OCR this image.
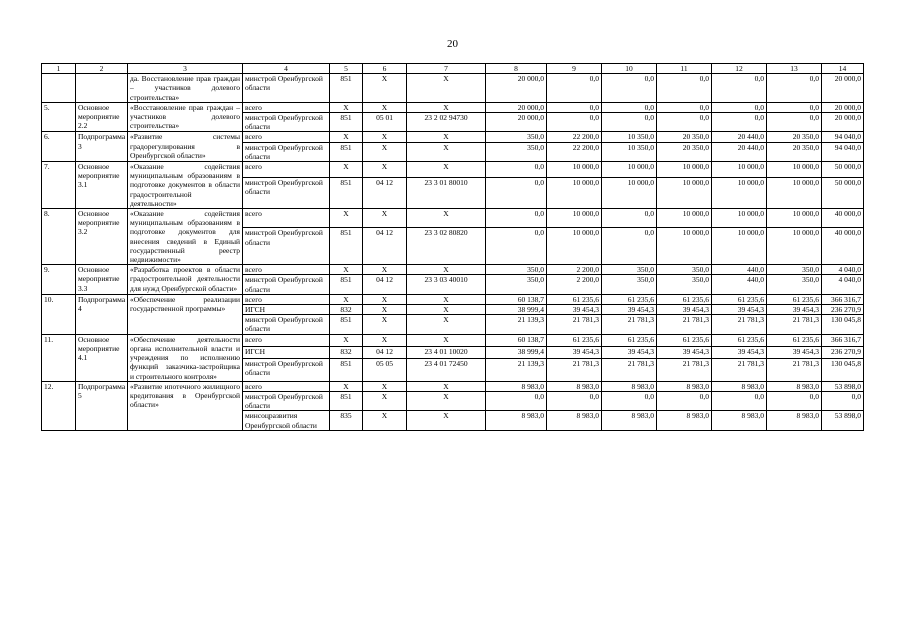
20
1	2	3	4	5	6	7	8	9	10	11	12	13	14
		да. Восстановление прав граждан – участников долевого строительства»	минстрой Оренбургской области	851	X	X	20 000,0	0,0	0,0	0,0	0,0	0,0	20 000,0
5.	Основное мероприятие 2.2	«Восстановление прав граждан – участников долевого строительства»	всего	X	X	X	20 000,0	0,0	0,0	0,0	0,0	0,0	20 000,0
			минстрой Оренбургской области	851	05 01	23 2 02 94730	20 000,0	0,0	0,0	0,0	0,0	0,0	20 000,0
6.	Подпрограмма 3	«Развитие системы градорегулирования в Оренбургской области»	всего	X	X	X	350,0	22 200,0	10 350,0	20 350,0	20 440,0	20 350,0	94 040,0
			минстрой Оренбургской области	851	X	X	350,0	22 200,0	10 350,0	20 350,0	20 440,0	20 350,0	94 040,0
7.	Основное мероприятие 3.1	«Оказание содействия муниципальным образованиям в подготовке документов в области градостроительной деятельности»	всего	X	X	X	0,0	10 000,0	10 000,0	10 000,0	10 000,0	10 000,0	50 000,0
			минстрой Оренбургской области	851	04 12	23 3 01 80010	0,0	10 000,0	10 000,0	10 000,0	10 000,0	10 000,0	50 000,0
8.	Основное мероприятие 3.2	«Оказание содействия муниципальным образованиям в подготовке документов для внесения сведений в Единый государственный реестр недвижимости»	всего	X	X	X	0,0	10 000,0	0,0	10 000,0	10 000,0	10 000,0	40 000,0
			минстрой Оренбургской области	851	04 12	23 3 02 80820	0,0	10 000,0	0,0	10 000,0	10 000,0	10 000,0	40 000,0
9.	Основное мероприятие 3.3	«Разработка проектов в области градостроительной деятельности для нужд Оренбургской области»	всего	X	X	X	350,0	2 200,0	350,0	350,0	440,0	350,0	4 040,0
			минстрой Оренбургской области	851	04 12	23 3 03 40010	350,0	2 200,0	350,0	350,0	440,0	350,0	4 040,0
10.	Подпрограмма 4	«Обеспечение реализации государственной программы»	всего	X	X	X	60 138,7	61 235,6	61 235,6	61 235,6	61 235,6	61 235,6	366 316,7
			ИГСН	832	X	X	38 999,4	39 454,3	39 454,3	39 454,3	39 454,3	39 454,3	236 270,9
			минстрой Оренбургской области	851	X	X	21 139,3	21 781,3	21 781,3	21 781,3	21 781,3	21 781,3	130 045,8
11.	Основное мероприятие 4.1	«Обеспечение деятельности органа исполнительной власти и учреждения по исполнению функций заказчика-застройщика и строительного контроля»	всего	X	X	X	60 138,7	61 235,6	61 235,6	61 235,6	61 235,6	61 235,6	366 316,7
			ИГСН	832	04 12	23 4 01 10020	38 999,4	39 454,3	39 454,3	39 454,3	39 454,3	39 454,3	236 270,9
			минстрой Оренбургской области	851	05 05	23 4 01 72450	21 139,3	21 781,3	21 781,3	21 781,3	21 781,3	21 781,3	130 045,8
12.	Подпрограмма 5	«Развитие ипотечного жилищного кредитования в Оренбургской области»	всего	X	X	X	8 983,0	8 983,0	8 983,0	8 983,0	8 983,0	8 983,0	53 898,0
			минстрой Оренбургской области	851	X	X	0,0	0,0	0,0	0,0	0,0	0,0	0,0
			минсоцразвития Оренбургской области	835	X	X	8 983,0	8 983,0	8 983,0	8 983,0	8 983,0	8 983,0	53 898,0
